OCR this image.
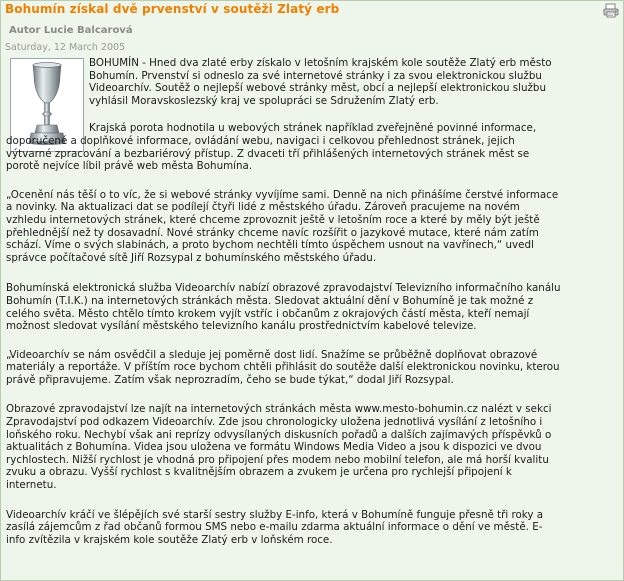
Bohumín získal dvě prvenství v soutěži Zlatý erb
Autor Lucie Balcarová
Saturday, 12 March 2005

BOHUMÍN - Hned dva zlaté erby získalo v letošním krajském kole soutěže Zlatý erb město
Bohumín. Prvenství si odneslo za své internetové stránky i za svou elektronickou službu
Videoarchív. Soutěž o nejlepší webové stránky měst, obcí a nejlepší elektronickou službu
vyhlásil Moravskoslezský kraj ve spolupráci se Sdružením Zlatý erb.

Krajská porota hodnotila u webových stránek například zveřejněné povinné informace,
doporučené a doplňkové informace, ovládání webu, navigaci i celkovou přehlednost stránek, jejich
výtvarné zpracování a bezbariérový přístup. Z dvaceti tří přihlášených internetových stránek měst se
porotě nejvíce líbil právě web města Bohumína.

„Ocenění nás těší o to víc, že si webové stránky vyvíjíme sami. Denně na nich přinášíme čerstvé informace
a novinky. Na aktualizaci dat se podílejí čtyři lidé z městského úřadu. Zároveň pracujeme na novém
vzhledu internetových stránek, které chceme zprovoznit ještě v letošním roce a které by měly být ještě
přehlednější než ty dosavadní. Nové stránky chceme navíc rozšířit o jazykové mutace, které nám zatím
schází. Víme o svých slabinách, a proto bychom nechtěli tímto úspěchem usnout na vavřínech,“ uvedl
správce počítačové sítě Jiří Rozsypal z bohumínského městského úřadu.

Bohumínská elektronická služba Videoarchív nabízí obrazové zpravodajství Televizního informačního kanálu
Bohumín (T.I.K.) na internetových stránkách města. Sledovat aktuální dění v Bohumíně je tak možné z
celého světa. Město chtělo tímto krokem vyjít vstříc i občanům z okrajových částí města, kteří nemají
možnost sledovat vysílání městského televizního kanálu prostřednictvím kabelové televize.

„Videoarchív se nám osvědčil a sleduje jej poměrně dost lidí. Snažíme se průběžně doplňovat obrazové
materiály a reportáže. V příštím roce bychom chtěli přihlásit do soutěže další elektronickou novinku, kterou
právě připravujeme. Zatím však neprozradím, čeho se bude týkat,“ dodal Jiří Rozsypal.

Obrazové zpravodajství lze najít na internetových stránkách města www.mesto-bohumin.cz nalézt v sekci
Zpravodajství pod odkazem Videoarchív. Zde jsou chronologicky uložena jednotlivá vysílání z letošního i
loňského roku. Nechybí však ani reprízy odvysílaných diskusních pořadů a dalších zajímavých příspěvků o
aktualitách z Bohumína. Videa jsou uložena ve formátu Windows Media Video a jsou k dispozici ve dvou
rychlostech. Nižší rychlost je vhodná pro připojení přes modem nebo mobilní telefon, ale má horší kvalitu
zvuku a obrazu. Vyšší rychlost s kvalitnějším obrazem a zvukem je určena pro rychlejší připojení k
internetu.

Videoarchív kráčí ve šlépějích své starší sestry služby E-info, která v Bohumíně funguje přesně tři roky a
zasílá zájemcům z řad občanů formou SMS nebo e-mailu zdarma aktuální informace o dění ve městě. E-
info zvítězila v krajském kole soutěže Zlatý erb v loňském roce.
